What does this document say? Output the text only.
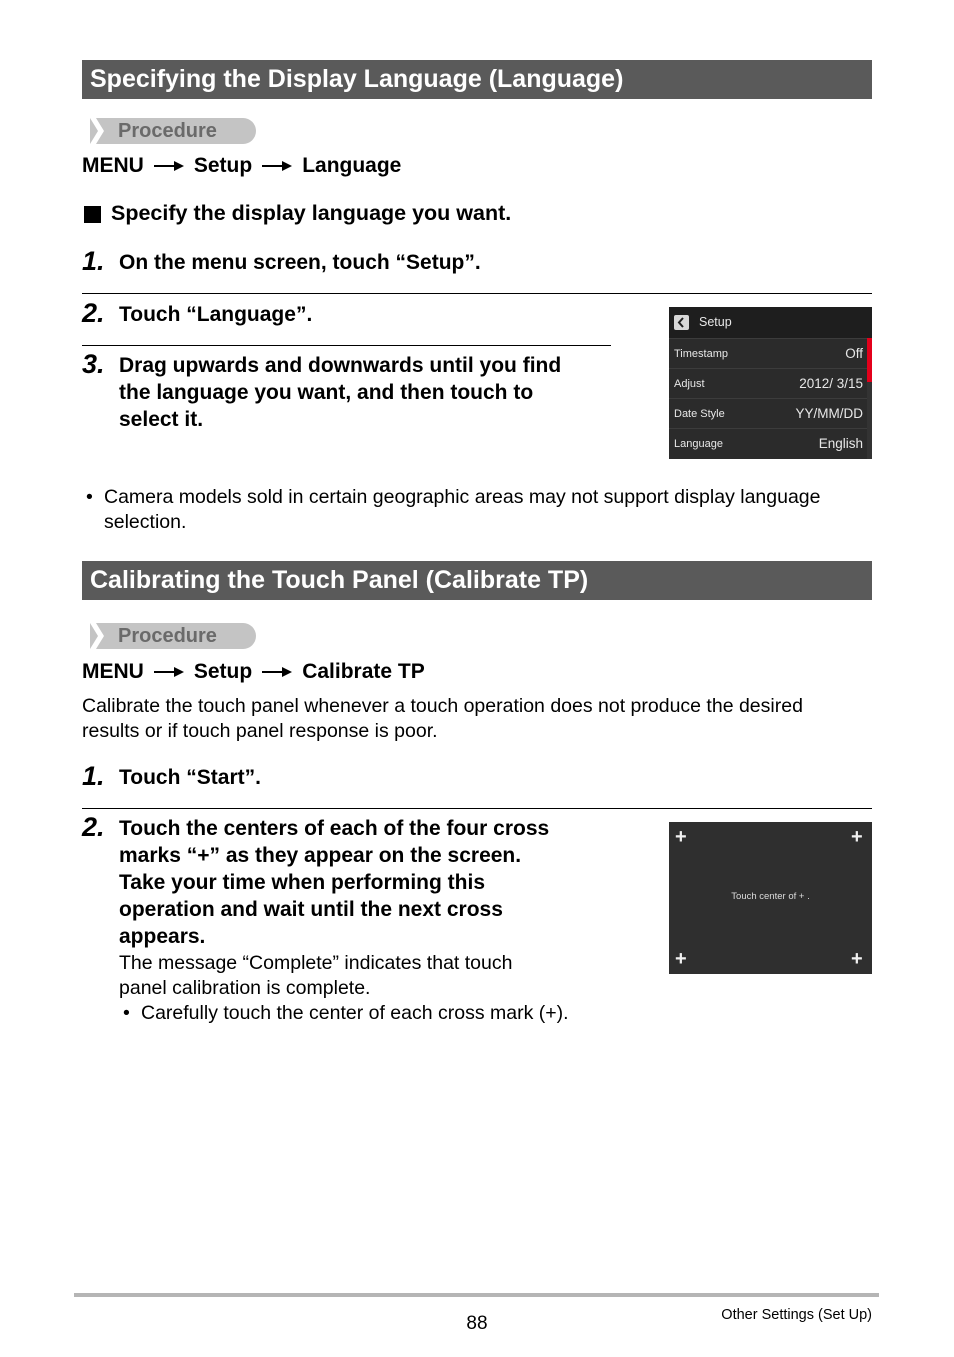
Specifying the Display Language (Language)
Procedure
MENU Setup Language
Specify the display language you want.
1. On the menu screen, touch “Setup”.
2. Touch “Language”.
3. Drag upwards and downwards until you find
the language you want, and then touch to
select it.
Setup
Timestamp	Off
Adjust	2012/ 3/15
Date Style	YY/MM/DD
Language	English
• Camera models sold in certain geographic areas may not support display language
selection.
Calibrating the Touch Panel (Calibrate TP)
Procedure
MENU Setup Calibrate TP
Calibrate the touch panel whenever a touch operation does not produce the desired
results or if touch panel response is poor.
1. Touch “Start”.
2. Touch the centers of each of the four cross
marks “+” as they appear on the screen.
Take your time when performing this
operation and wait until the next cross
appears.
The message “Complete” indicates that touch
panel calibration is complete.
• Carefully touch the center of each cross mark (+).
+	+
+	+
Touch center of + .
88	Other Settings (Set Up)
